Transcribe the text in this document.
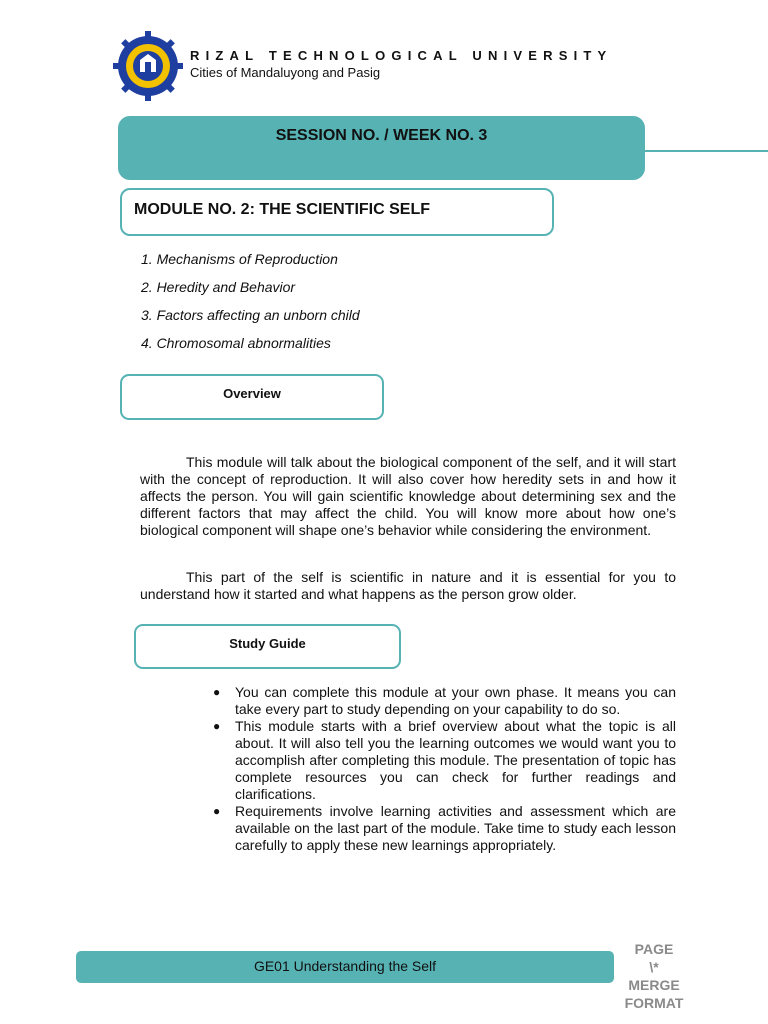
RIZAL TECHNOLOGICAL UNIVERSITY
Cities of Mandaluyong and Pasig
SESSION NO. / WEEK NO. 3
MODULE NO. 2: THE SCIENTIFIC SELF
1. Mechanisms of Reproduction
2. Heredity and Behavior
3. Factors affecting an unborn child
4. Chromosomal abnormalities
Overview

This module will talk about the biological component of the self, and it will start with the concept of reproduction. It will also cover how heredity sets in and how it affects the person. You will gain scientific knowledge about determining sex and the different factors that may affect the child. You will know more about how one’s biological component will shape one’s behavior while considering the environment.

This part of the self is scientific in nature and it is essential for you to understand how it started and what happens as the person grow older.

Study Guide
● You can complete this module at your own phase. It means you can take every part to study depending on your capability to do so.
● This module starts with a brief overview about what the topic is all about. It will also tell you the learning outcomes we would want you to accomplish after completing this module. The presentation of topic has complete resources you can check for further readings and clarifications.
● Requirements involve learning activities and assessment which are available on the last part of the module. Take time to study each lesson carefully to apply these new learnings appropriately.
GE01 Understanding the Self
PAGE
\*
MERGE
FORMAT
